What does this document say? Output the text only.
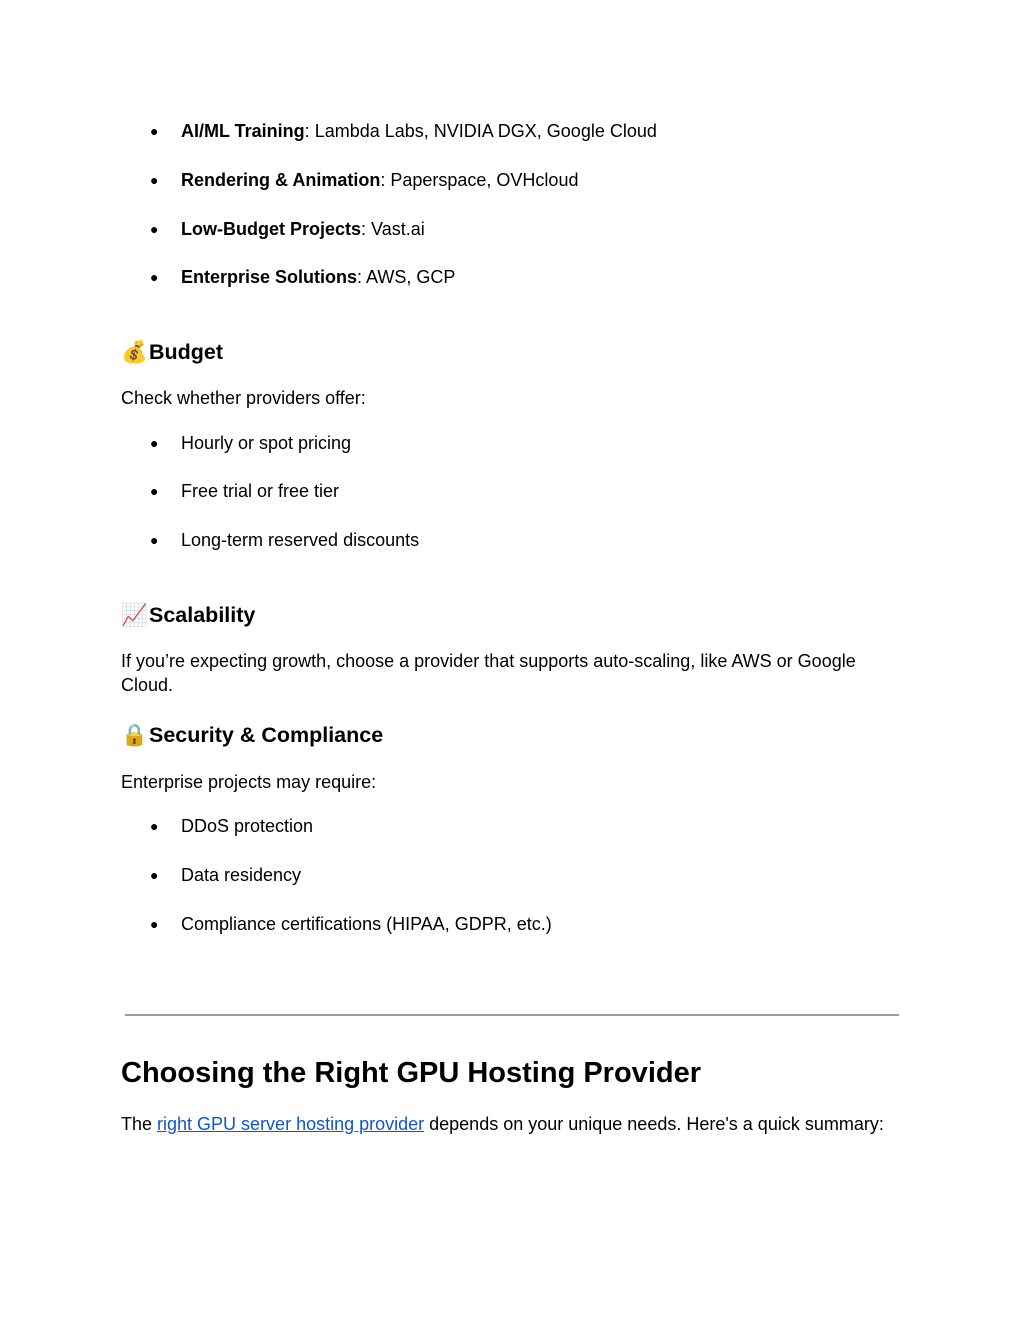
● AI/ML Training: Lambda Labs, NVIDIA DGX, Google Cloud
● Rendering & Animation: Paperspace, OVHcloud
● Low-Budget Projects: Vast.ai
● Enterprise Solutions: AWS, GCP
💰Budget
Check whether providers offer:
● Hourly or spot pricing
● Free trial or free tier
● Long-term reserved discounts
📈Scalability
If you’re expecting growth, choose a provider that supports auto-scaling, like AWS or Google Cloud.
🔒Security & Compliance
Enterprise projects may require:
● DDoS protection
● Data residency
● Compliance certifications (HIPAA, GDPR, etc.)
Choosing the Right GPU Hosting Provider
The right GPU server hosting provider depends on your unique needs. Here's a quick summary:
